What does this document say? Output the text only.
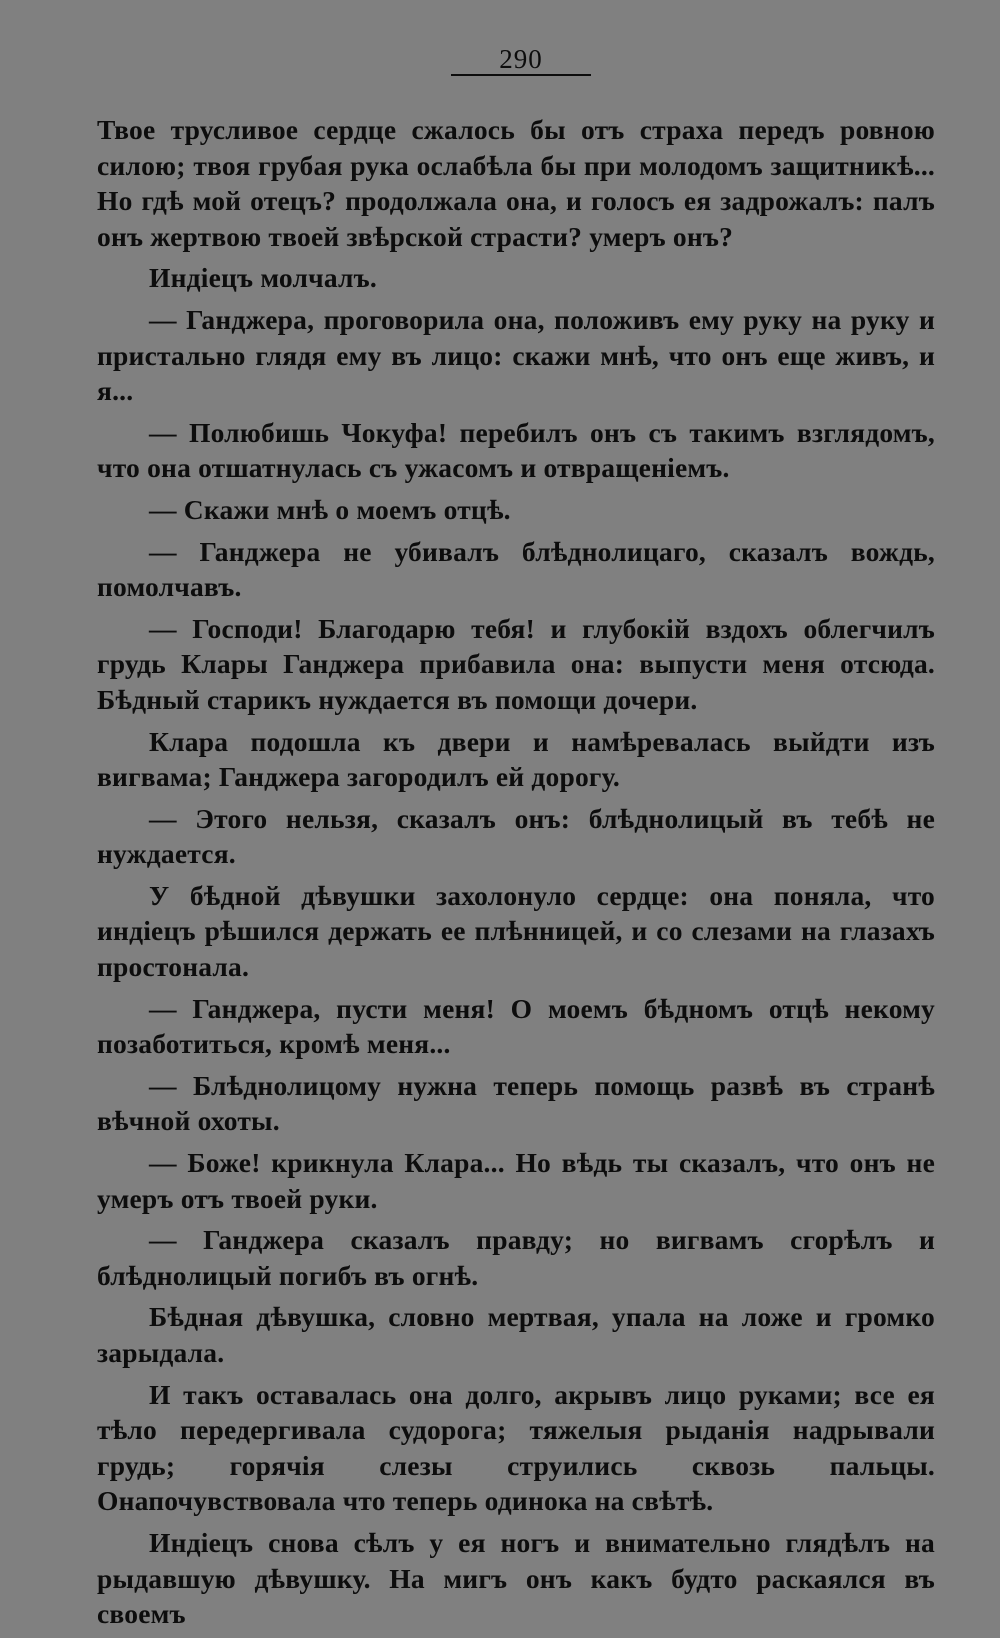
290

Твое трусливое сердце сжалось бы отъ страха передъ ровнoю силою; твоя грубая рука ослабѣла бы при молодомъ защитникѣ... Но гдѣ мой отецъ? продолжала она, и голосъ ея задрожалъ: палъ онъ жертвою твоей звѣрской страсти? умеръ онъ?

Индіецъ молчалъ.

— Ганджера, проговорила она, положивъ ему руку на руку и пристально глядя ему въ лицо: скажи мнѣ, что онъ еще живъ, и я...

— Полюбишь Чокуфа! перебилъ онъ съ такимъ взглядомъ, что она отшатнулась съ ужасомъ и отвращеніемъ.

— Скажи мнѣ о моемъ отцѣ.

— Ганджера не убивалъ блѣднолицаго, сказалъ вождь, помолчавъ.

— Господи! Благодарю тебя! и глубокій вздохъ облегчилъ грудь Клары Ганджера прибавила она: выпусти меня отсюда. Бѣдный старикъ нуждается въ помощи дочери.

Клара подошла къ двери и намѣревалась выйдти изъ вигвама; Ганджера загородилъ ей дорогу.

— Этого нельзя, сказалъ онъ: блѣднолицый въ тебѣ не нуждается.

У бѣдной дѣвушки захолонуло сердце: она поняла, что индіецъ рѣшился держать ее плѣнницей, и со слезами на глазахъ простонала.

— Ганджера, пусти меня! О моемъ бѣдномъ отцѣ некому позаботиться, кромѣ меня...

— Блѣднолицому нужна теперь помощь развѣ въ странѣ вѣчной охоты.

— Боже! крикнула Клара... Но вѣдь ты сказалъ, что онъ не умеръ отъ твоей руки.

— Ганджера сказалъ правду; но вигвамъ сгорѣлъ и блѣднолицый погибъ въ огнѣ.

Бѣдная дѣвушка, словно мертвая, упала на ложе и громко зарыдала.

И такъ оставалась она долго, акрывъ лицо руками; все ея тѣло передергивала судорога; тяжелыя рыданія надрывали грудь; горячія слезы струились сквозь пальцы. Онапочувствовала что теперь одинока на свѣтѣ.

Индіецъ снова сѣлъ у ея ногъ и внимательно глядѣлъ на рыдавшую дѣвушку. На мигъ онъ какъ будто раскаялся въ своемъ
